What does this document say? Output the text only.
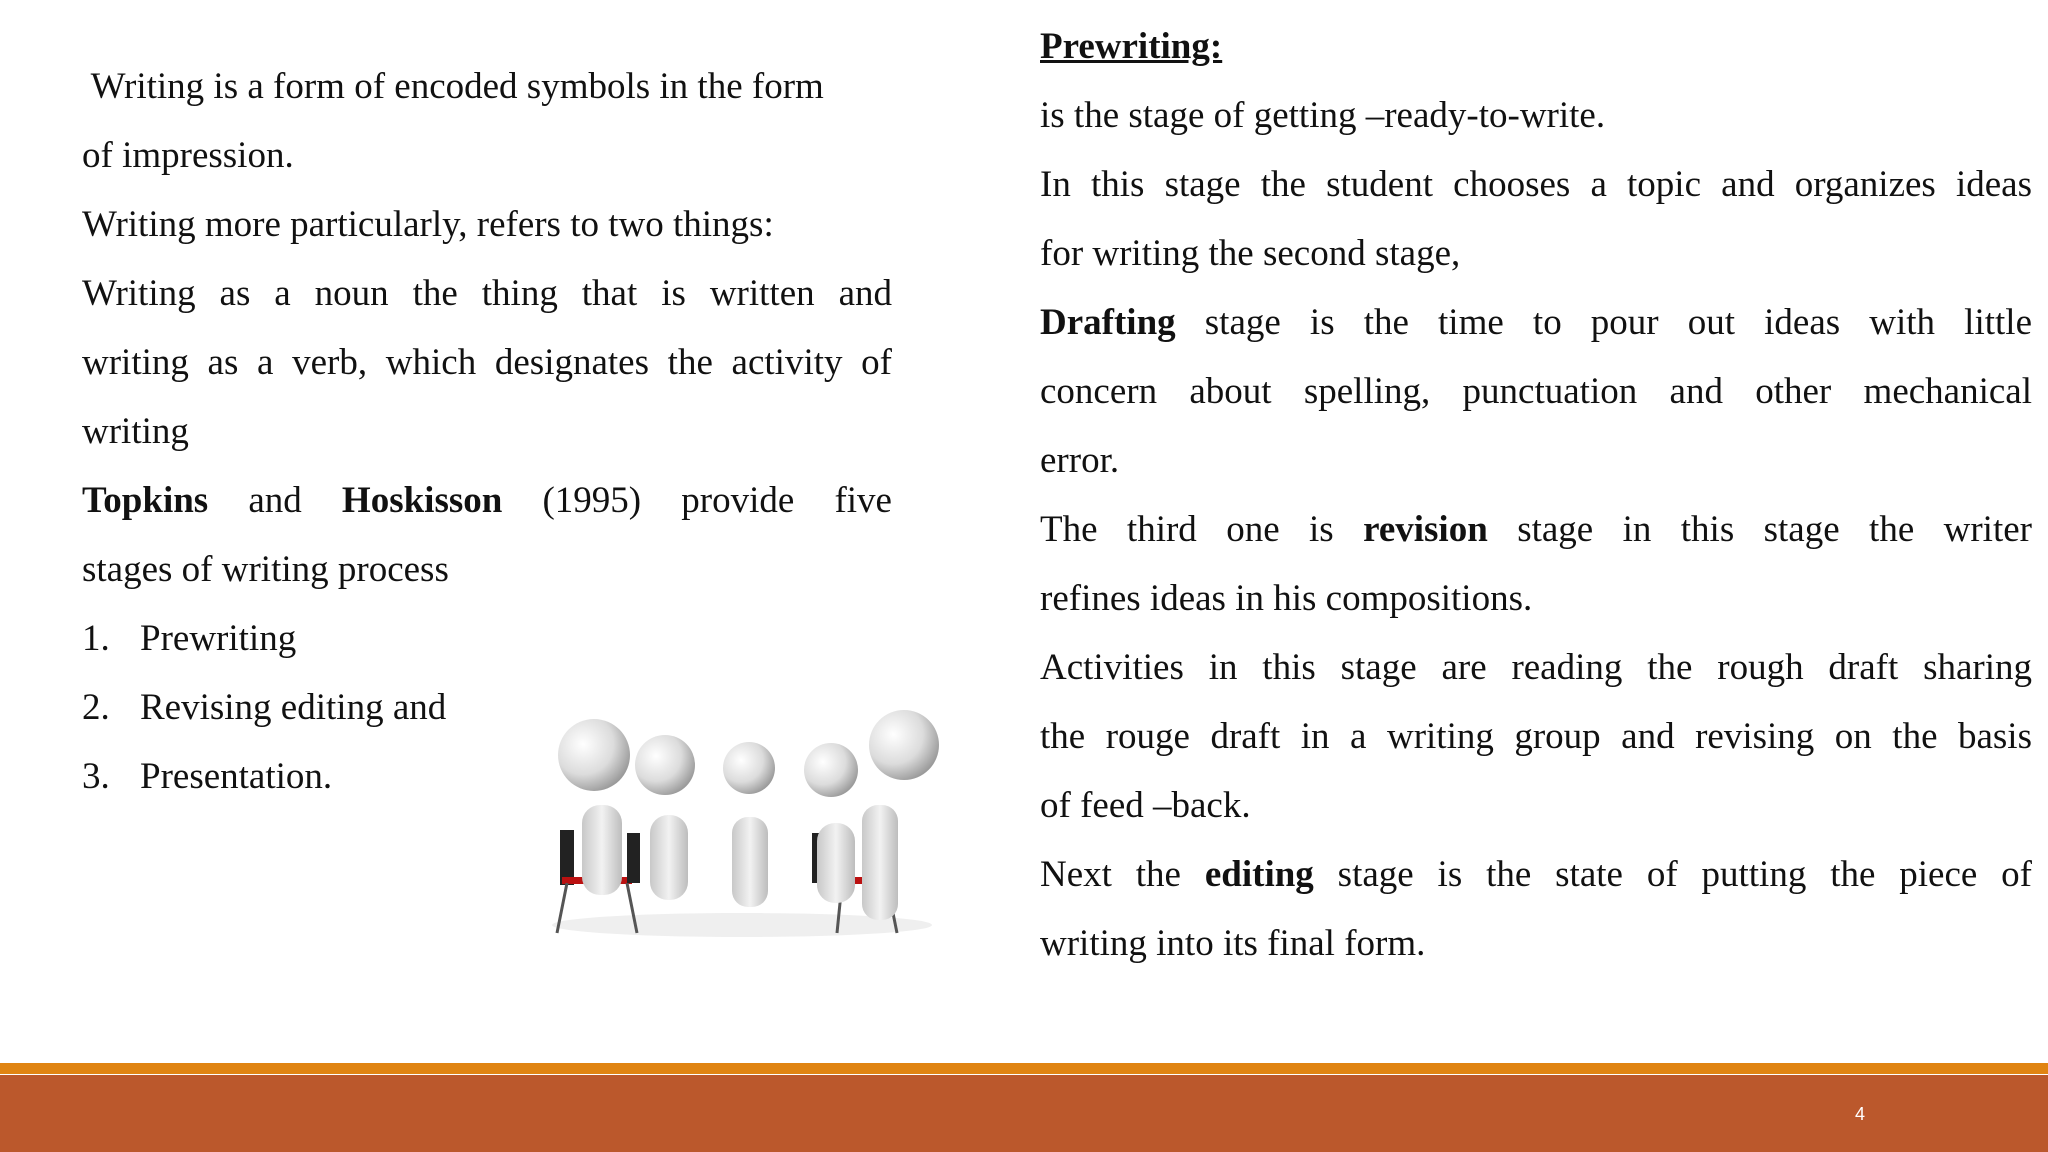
Writing is a form of encoded symbols in the form
of impression.
Writing more particularly, refers to two things:
Writing as a noun the thing that is written and
writing as a verb, which designates the activity of
writing
Topkins and Hoskisson (1995) provide five
stages of writing process
1. Prewriting
2. Revising editing and
3. Presentation.
Prewriting:
is the stage of getting –ready-to-write.
In this stage the student chooses a topic and organizes ideas
for writing the second stage,
Drafting stage is the time to pour out ideas with little
concern about spelling, punctuation and other mechanical
error.
The third one is revision stage in this stage the writer
refines ideas in his compositions.
Activities in this stage are reading the rough draft sharing
the rouge draft in a writing group and revising on the basis
of feed –back.
Next the editing stage is the state of putting the piece of
writing into its final form.
4
